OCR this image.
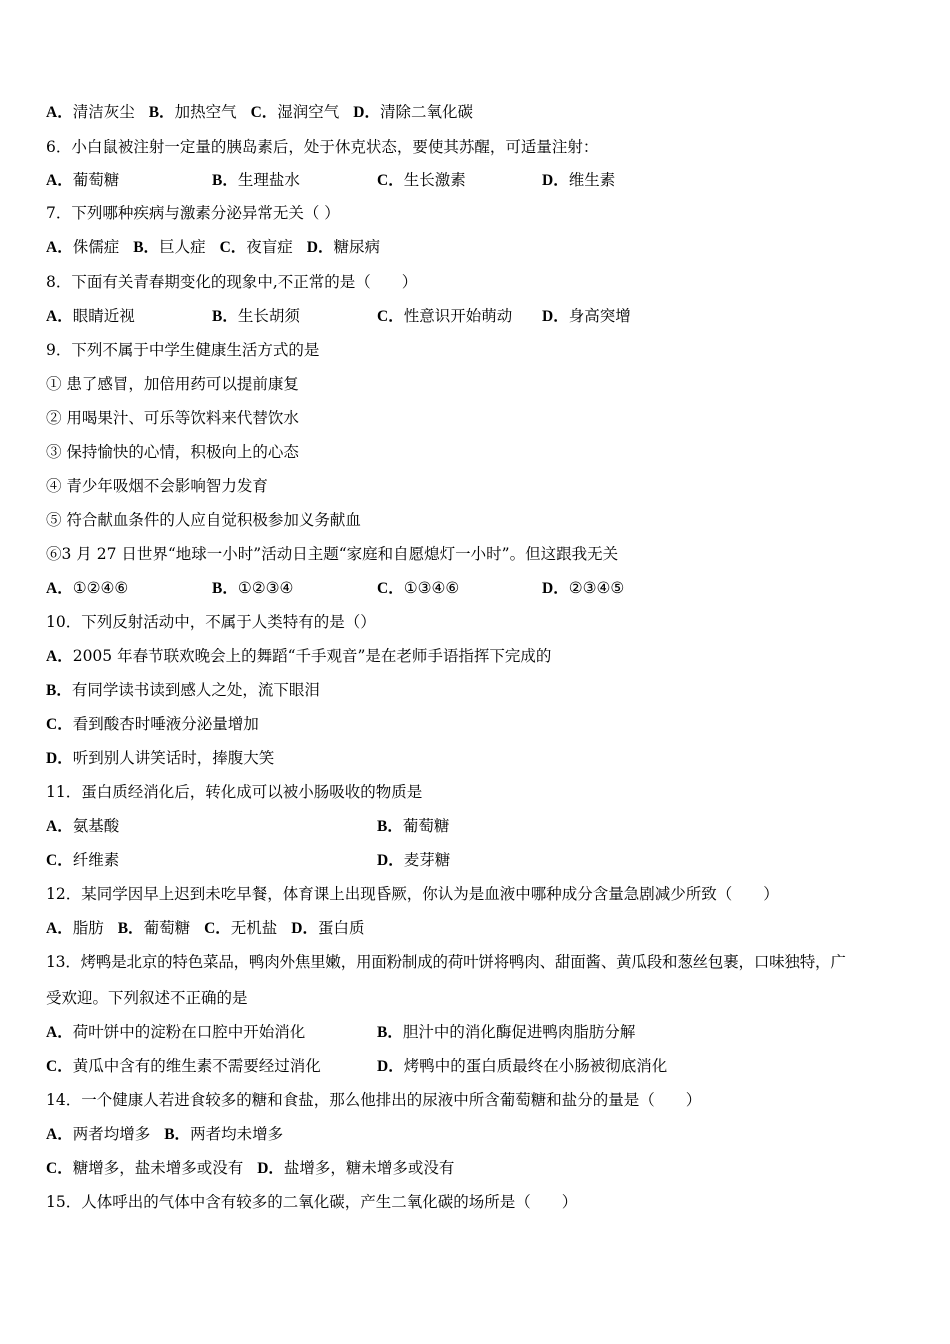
A．清洁灰尘 B．加热空气 C．湿润空气 D．清除二氧化碳
6．小白鼠被注射一定量的胰岛素后，处于休克状态，要使其苏醒，可适量注射：
A．葡萄糖	B．生理盐水	C．生长激素	D．维生素
7．下列哪种疾病与激素分泌异常无关（ ）
A．侏儒症 B．巨人症 C．夜盲症 D．糖尿病
8．下面有关青春期变化的现象中,不正常的是（　　）
A．眼睛近视	B．生长胡须	C．性意识开始萌动 D．身高突增
9．下列不属于中学生健康生活方式的是
① 患了感冒，加倍用药可以提前康复
② 用喝果汁、可乐等饮料来代替饮水
③ 保持愉快的心情，积极向上的心态
④ 青少年吸烟不会影响智力发育
⑤ 符合献血条件的人应自觉积极参加义务献血
⑥3 月 27 日世界“地球一小时”活动日主题“家庭和自愿熄灯一小时”。但这跟我无关
A．①②④⑥	B．①②③④	C．①③④⑥	D．②③④⑤
10．下列反射活动中，不属于人类特有的是（）
A．2005 年春节联欢晚会上的舞蹈“千手观音”是在老师手语指挥下完成的
B．有同学读书读到感人之处，流下眼泪
C．看到酸杏时唾液分泌量增加
D．听到别人讲笑话时，捧腹大笑
11．蛋白质经消化后，转化成可以被小肠吸收的物质是
A．氨基酸	B．葡萄糖
C．纤维素	D．麦芽糖
12．某同学因早上迟到未吃早餐，体育课上出现昏厥，你认为是血液中哪种成分含量急剧减少所致（　　）
A．脂肪 B．葡萄糖 C．无机盐 D．蛋白质
13．烤鸭是北京的特色菜品，鸭肉外焦里嫩，用面粉制成的荷叶饼将鸭肉、甜面酱、黄瓜段和葱丝包裹，口味独特，广
受欢迎。下列叙述不正确的是
A．荷叶饼中的淀粉在口腔中开始消化	B．胆汁中的消化酶促进鸭肉脂肪分解
C．黄瓜中含有的维生素不需要经过消化	D．烤鸭中的蛋白质最终在小肠被彻底消化
14．一个健康人若进食较多的糖和食盐，那么他排出的尿液中所含葡萄糖和盐分的量是（　　）
A．两者均增多 B．两者均未增多
C．糖增多，盐未增多或没有 D．盐增多，糖未增多或没有
15．人体呼出的气体中含有较多的二氧化碳，产生二氧化碳的场所是（　　）
